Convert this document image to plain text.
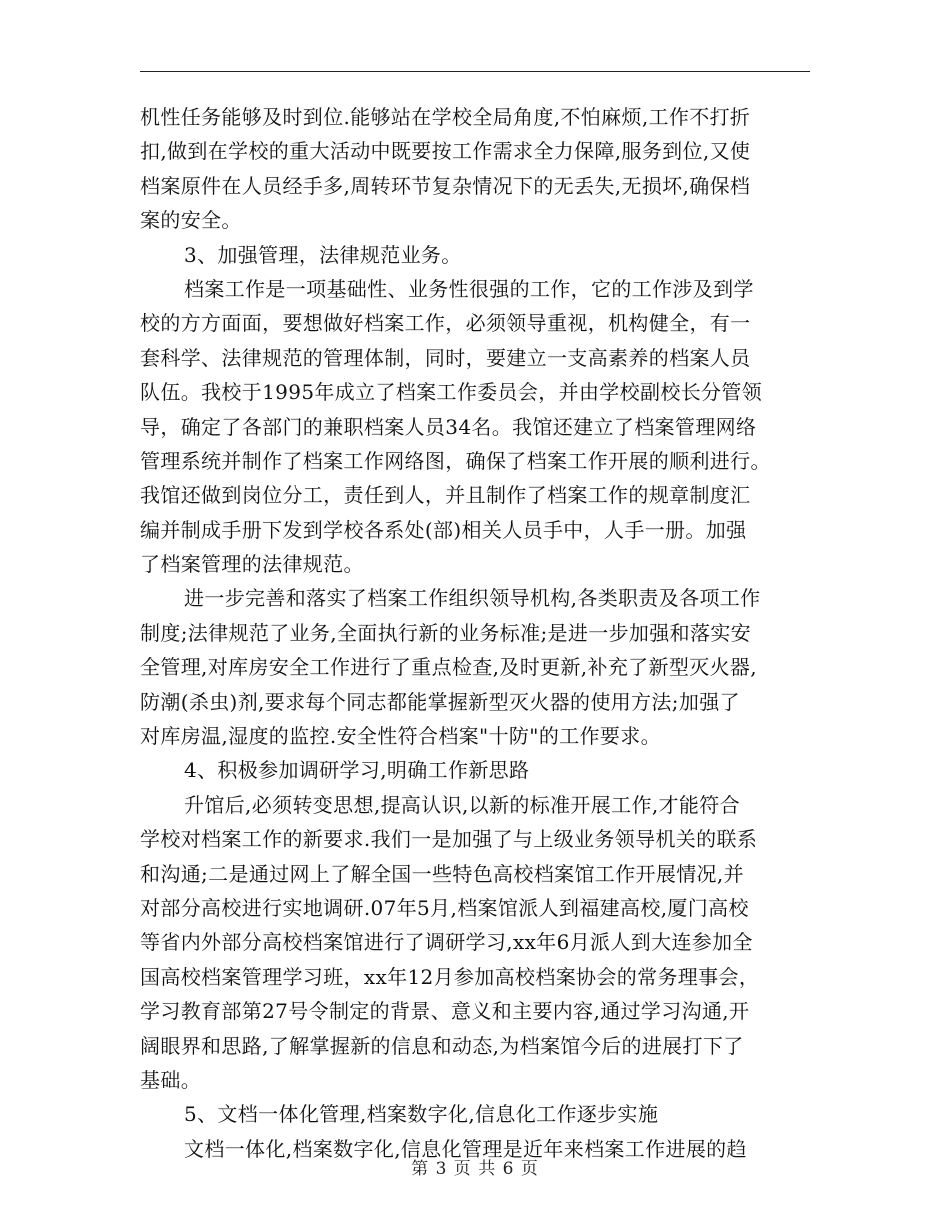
机性任务能够及时到位.能够站在学校全局角度,不怕麻烦,工作不打折
扣,做到在学校的重大活动中既要按工作需求全力保障,服务到位,又使
档案原件在人员经手多,周转环节复杂情况下的无丢失,无损坏,确保档
案的安全。
3、加强管理，法律规范业务。
档案工作是一项基础性、业务性很强的工作，它的工作涉及到学
校的方方面面，要想做好档案工作，必须领导重视，机构健全，有一
套科学、法律规范的管理体制，同时，要建立一支高素养的档案人员
队伍。我校于1995年成立了档案工作委员会，并由学校副校长分管领
导，确定了各部门的兼职档案人员34名。我馆还建立了档案管理网络
管理系统并制作了档案工作网络图，确保了档案工作开展的顺利进行。
我馆还做到岗位分工，责任到人，并且制作了档案工作的规章制度汇
编并制成手册下发到学校各系处(部)相关人员手中，人手一册。加强
了档案管理的法律规范。
进一步完善和落实了档案工作组织领导机构,各类职责及各项工作
制度;法律规范了业务,全面执行新的业务标准;是进一步加强和落实安
全管理,对库房安全工作进行了重点检查,及时更新,补充了新型灭火器,
防潮(杀虫)剂,要求每个同志都能掌握新型灭火器的使用方法;加强了
对库房温,湿度的监控.安全性符合档案"十防"的工作要求。
4、积极参加调研学习,明确工作新思路
升馆后,必须转变思想,提高认识,以新的标准开展工作,才能符合
学校对档案工作的新要求.我们一是加强了与上级业务领导机关的联系
和沟通;二是通过网上了解全国一些特色高校档案馆工作开展情况,并
对部分高校进行实地调研.07年5月,档案馆派人到福建高校,厦门高校
等省内外部分高校档案馆进行了调研学习,xx年6月派人到大连参加全
国高校档案管理学习班，xx年12月参加高校档案协会的常务理事会，
学习教育部第27号令制定的背景、意义和主要内容,通过学习沟通,开
阔眼界和思路,了解掌握新的信息和动态,为档案馆今后的进展打下了
基础。
5、文档一体化管理,档案数字化,信息化工作逐步实施
文档一体化,档案数字化,信息化管理是近年来档案工作进展的趋
第 3 页 共 6 页
